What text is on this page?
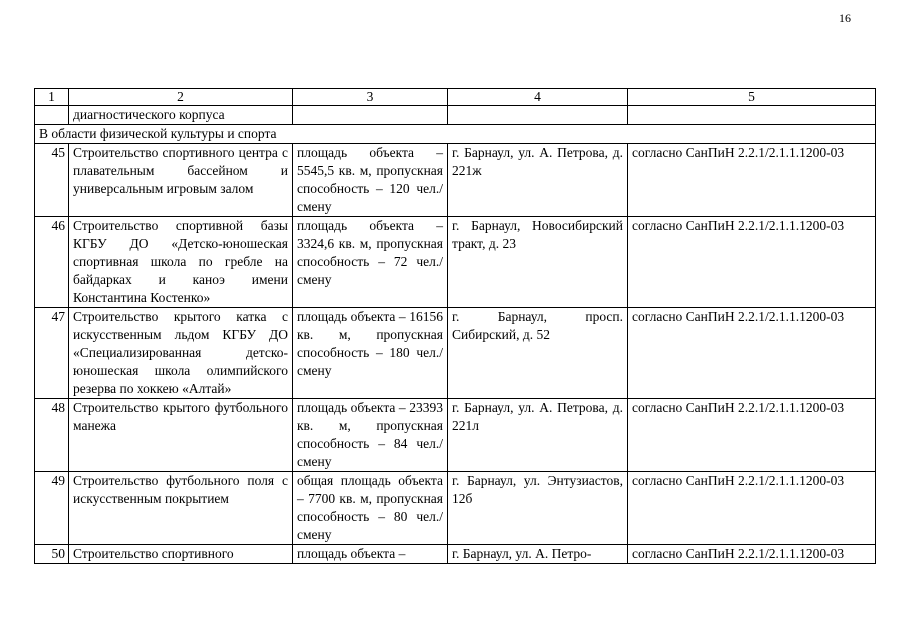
16
1	2	3	4	5
	диагностического корпуса			
В области физической культуры и спорта				
45	Строительство спортивного центра с плавательным бассейном и универсальным игровым залом	площадь объекта – 5545,5 кв. м, пропускная способность – 120 чел./смену	г. Барнаул, ул. А. Петрова, д. 221ж	согласно СанПиН 2.2.1/2.1.1.1200-03
46	Строительство спортивной базы КГБУ ДО «Детско-юношеская спортивная школа по гребле на байдарках и каноэ имени Константина Костенко»	площадь объекта – 3324,6 кв. м, пропускная способность – 72 чел./смену	г. Барнаул, Новосибирский тракт, д. 23	согласно СанПиН 2.2.1/2.1.1.1200-03
47	Строительство крытого катка с искусственным льдом КГБУ ДО «Специализированная детско-юношеская школа олимпийского резерва по хоккею «Алтай»	площадь объекта – 16156 кв. м, пропускная способность – 180 чел./смену	г. Барнаул, просп. Сибирский, д. 52	согласно СанПиН 2.2.1/2.1.1.1200-03
48	Строительство крытого футбольного манежа	площадь объекта – 23393 кв. м, пропускная способность – 84 чел./смену	г. Барнаул, ул. А. Петрова, д. 221л	согласно СанПиН 2.2.1/2.1.1.1200-03
49	Строительство футбольного поля с искусственным покрытием	общая площадь объекта – 7700 кв. м, пропускная способность – 80 чел./смену	г. Барнаул, ул. Энтузиастов, 12б	согласно СанПиН 2.2.1/2.1.1.1200-03
50	Строительство спортивного	площадь объекта –	г. Барнаул, ул. А. Петро-	согласно СанПиН 2.2.1/2.1.1.1200-03
